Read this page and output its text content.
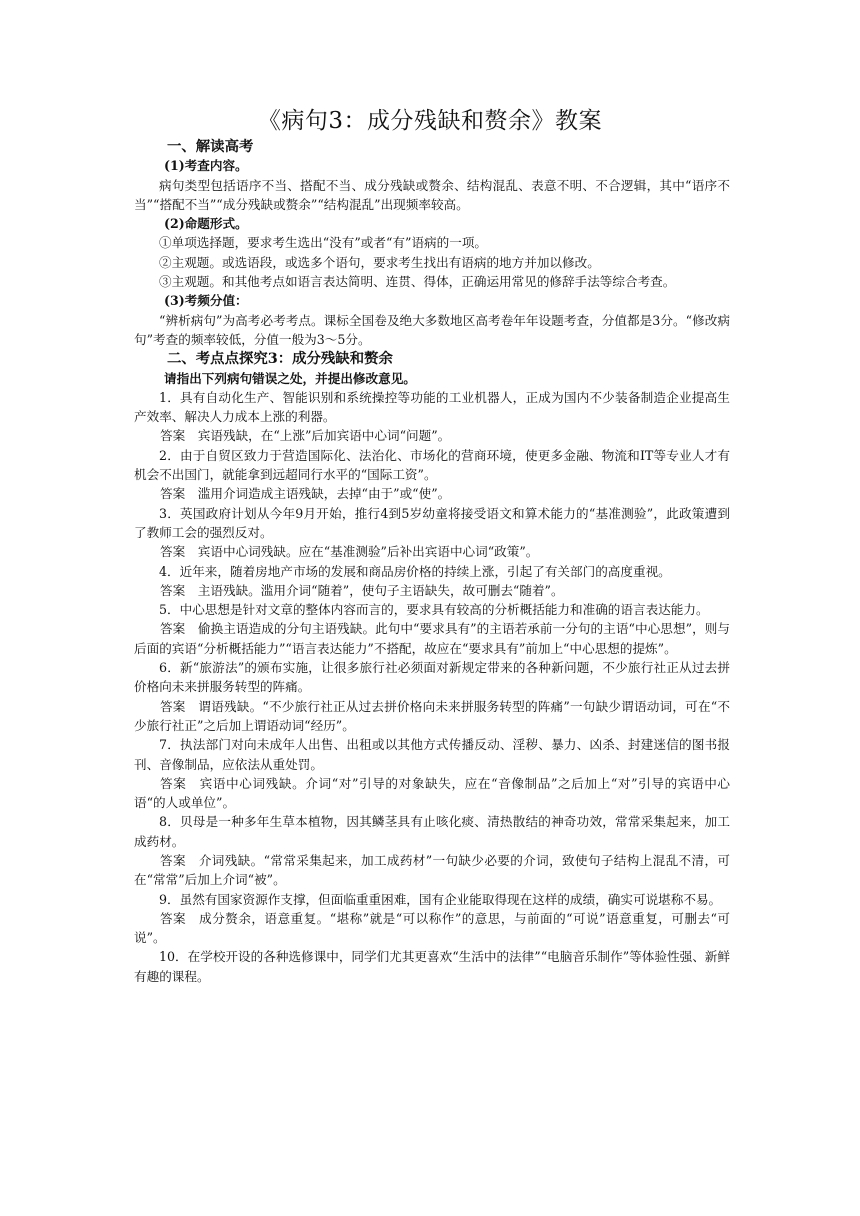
《病句3：成分残缺和赘余》教案

一、解读高考

(1)考查内容。

病句类型包括语序不当、搭配不当、成分残缺或赘余、结构混乱、表意不明、不合逻辑，其中“语序不当”“搭配不当”“成分残缺或赘余”“结构混乱”出现频率较高。

(2)命题形式。

①单项选择题，要求考生选出“没有”或者“有”语病的一项。

②主观题。或选语段，或选多个语句，要求考生找出有语病的地方并加以修改。

③主观题。和其他考点如语言表达简明、连贯、得体，正确运用常见的修辞手法等综合考查。

(3)考频分值：

“辨析病句”为高考必考考点。课标全国卷及绝大多数地区高考卷年年设题考查，分值都是3分。“修改病句”考查的频率较低，分值一般为3～5分。

二、考点点探究3：成分残缺和赘余

请指出下列病句错误之处，并提出修改意见。

1．具有自动化生产、智能识别和系统操控等功能的工业机器人，正成为国内不少装备制造企业提高生产效率、解决人力成本上涨的利器。

答案　宾语残缺，在“上涨”后加宾语中心词“问题”。

2．由于自贸区致力于营造国际化、法治化、市场化的营商环境，使更多金融、物流和IT等专业人才有机会不出国门，就能拿到远超同行水平的“国际工资”。

答案　滥用介词造成主语残缺，去掉“由于”或“使”。

3．英国政府计划从今年9月开始，推行4到5岁幼童将接受语文和算术能力的“基准测验”，此政策遭到了教师工会的强烈反对。

答案　宾语中心词残缺。应在“基准测验”后补出宾语中心词“政策”。

4．近年来，随着房地产市场的发展和商品房价格的持续上涨，引起了有关部门的高度重视。

答案　主语残缺。滥用介词“随着”，使句子主语缺失，故可删去“随着”。

5．中心思想是针对文章的整体内容而言的，要求具有较高的分析概括能力和准确的语言表达能力。

答案　偷换主语造成的分句主语残缺。此句中“要求具有”的主语若承前一分句的主语“中心思想”，则与后面的宾语“分析概括能力”“语言表达能力”不搭配，故应在“要求具有”前加上“中心思想的提炼”。

6．新“旅游法”的颁布实施，让很多旅行社必须面对新规定带来的各种新问题，不少旅行社正从过去拼价格向未来拼服务转型的阵痛。

答案　谓语残缺。“不少旅行社正从过去拼价格向未来拼服务转型的阵痛”一句缺少谓语动词，可在“不少旅行社正”之后加上谓语动词“经历”。

7．执法部门对向未成年人出售、出租或以其他方式传播反动、淫秽、暴力、凶杀、封建迷信的图书报刊、音像制品，应依法从重处罚。

答案　宾语中心词残缺。介词“对”引导的对象缺失，应在“音像制品”之后加上“对”引导的宾语中心语“的人或单位”。

8．贝母是一种多年生草本植物，因其鳞茎具有止咳化痰、清热散结的神奇功效，常常采集起来，加工成药材。

答案　介词残缺。“常常采集起来，加工成药材”一句缺少必要的介词，致使句子结构上混乱不清，可在“常常”后加上介词“被”。

9．虽然有国家资源作支撑，但面临重重困难，国有企业能取得现在这样的成绩，确实可说堪称不易。

答案　成分赘余，语意重复。“堪称”就是“可以称作”的意思，与前面的“可说”语意重复，可删去“可说”。

10．在学校开设的各种选修课中，同学们尤其更喜欢“生活中的法律”“电脑音乐制作”等体验性强、新鲜有趣的课程。
